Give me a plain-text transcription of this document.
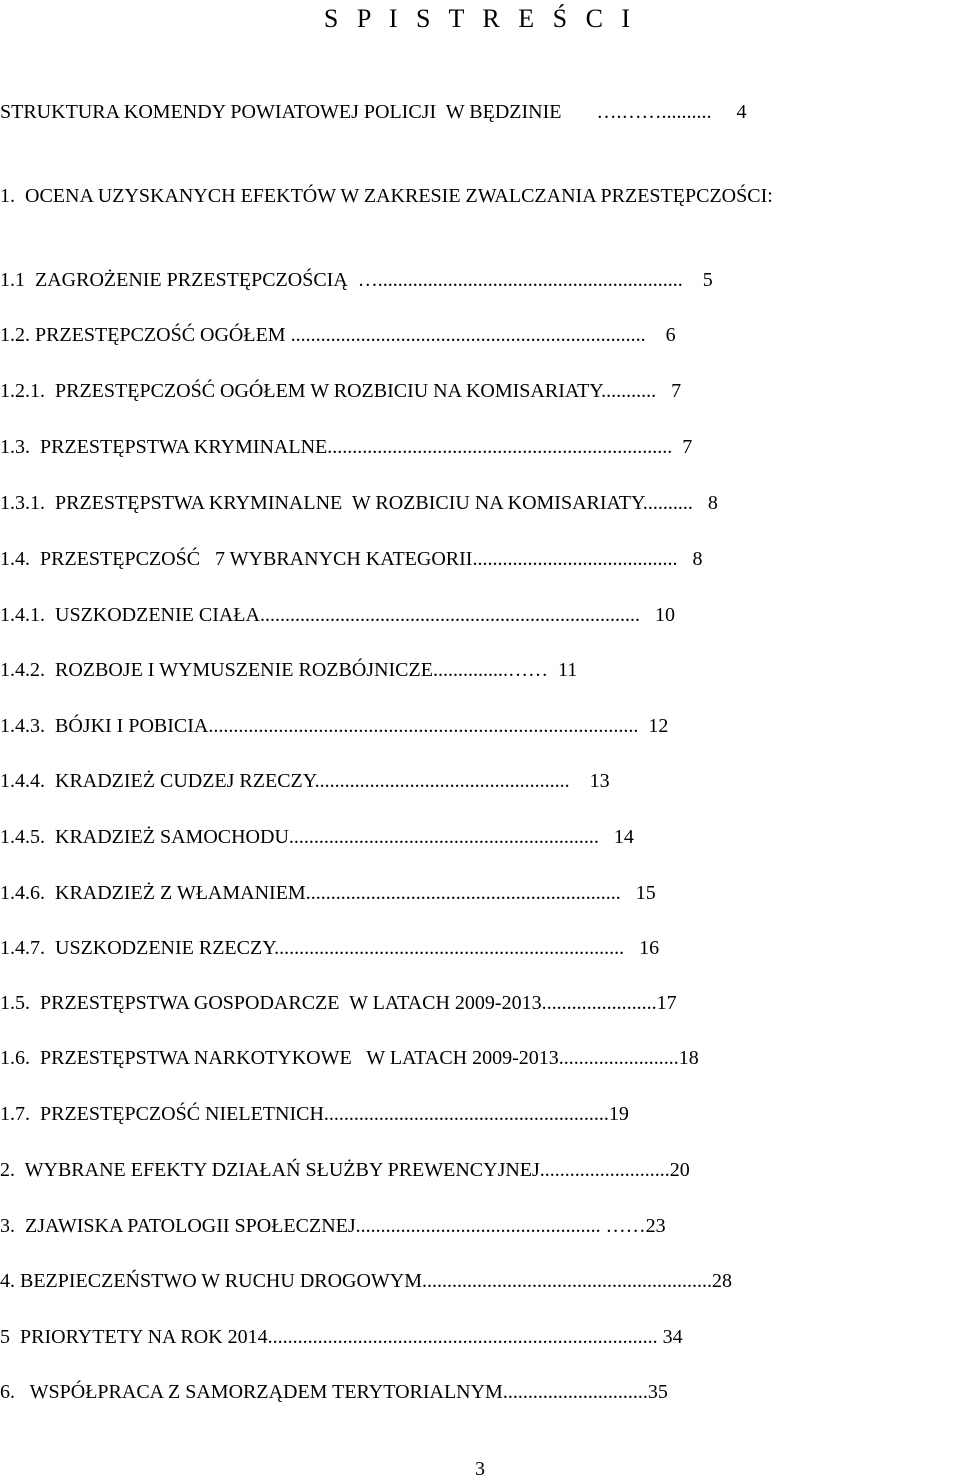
S P I S T R E Ś C I
STRUKTURA KOMENDY POWIATOWEJ POLICJI  W BĘDZINIE       ….……..........     4
1.  OCENA UZYSKANYCH EFEKTÓW W ZAKRESIE ZWALCZANIA PRZESTĘPCZOŚCI:
1.1  ZAGROŻENIE PRZESTĘPCZOŚCIĄ  ….............................................................    5
1.2. PRZESTĘPCZOŚĆ OGÓŁEM .......................................................................    6
1.2.1.  PRZESTĘPCZOŚĆ OGÓŁEM W ROZBICIU NA KOMISARIATY...........   7
1.3.  PRZESTĘPSTWA KRYMINALNE.....................................................................  7
1.3.1.  PRZESTĘPSTWA KRYMINALNE  W ROZBICIU NA KOMISARIATY..........   8
1.4.  PRZESTĘPCZOŚĆ   7 WYBRANYCH KATEGORII.........................................   8
1.4.1.  USZKODZENIE CIAŁA............................................................................   10
1.4.2.  ROZBOJE I WYMUSZENIE ROZBÓJNICZE...............……  11
1.4.3.  BÓJKI I POBICIA......................................................................................  12
1.4.4.  KRADZIEŻ CUDZEJ RZECZY...................................................    13
1.4.5.  KRADZIEŻ SAMOCHODU..............................................................   14
1.4.6.  KRADZIEŻ Z WŁAMANIEM...............................................................   15
1.4.7.  USZKODZENIE RZECZY......................................................................   16
1.5.  PRZESTĘPSTWA GOSPODARCZE  W LATACH 2009-2013.......................17
1.6.  PRZESTĘPSTWA NARKOTYKOWE   W LATACH 2009-2013........................18
1.7.  PRZESTĘPCZOŚĆ NIELETNICH.........................................................19
2.  WYBRANE EFEKTY DZIAŁAŃ SŁUŻBY PREWENCYJNEJ..........................20
3.  ZJAWISKA PATOLOGII SPOŁECZNEJ................................................. ……23
4. BEZPIECZEŃSTWO W RUCHU DROGOWYM..........................................................28
5  PRIORYTETY NA ROK 2014.............................................................................. 34
6.   WSPÓŁPRACA Z SAMORZĄDEM TERYTORIALNYM.............................35
3
